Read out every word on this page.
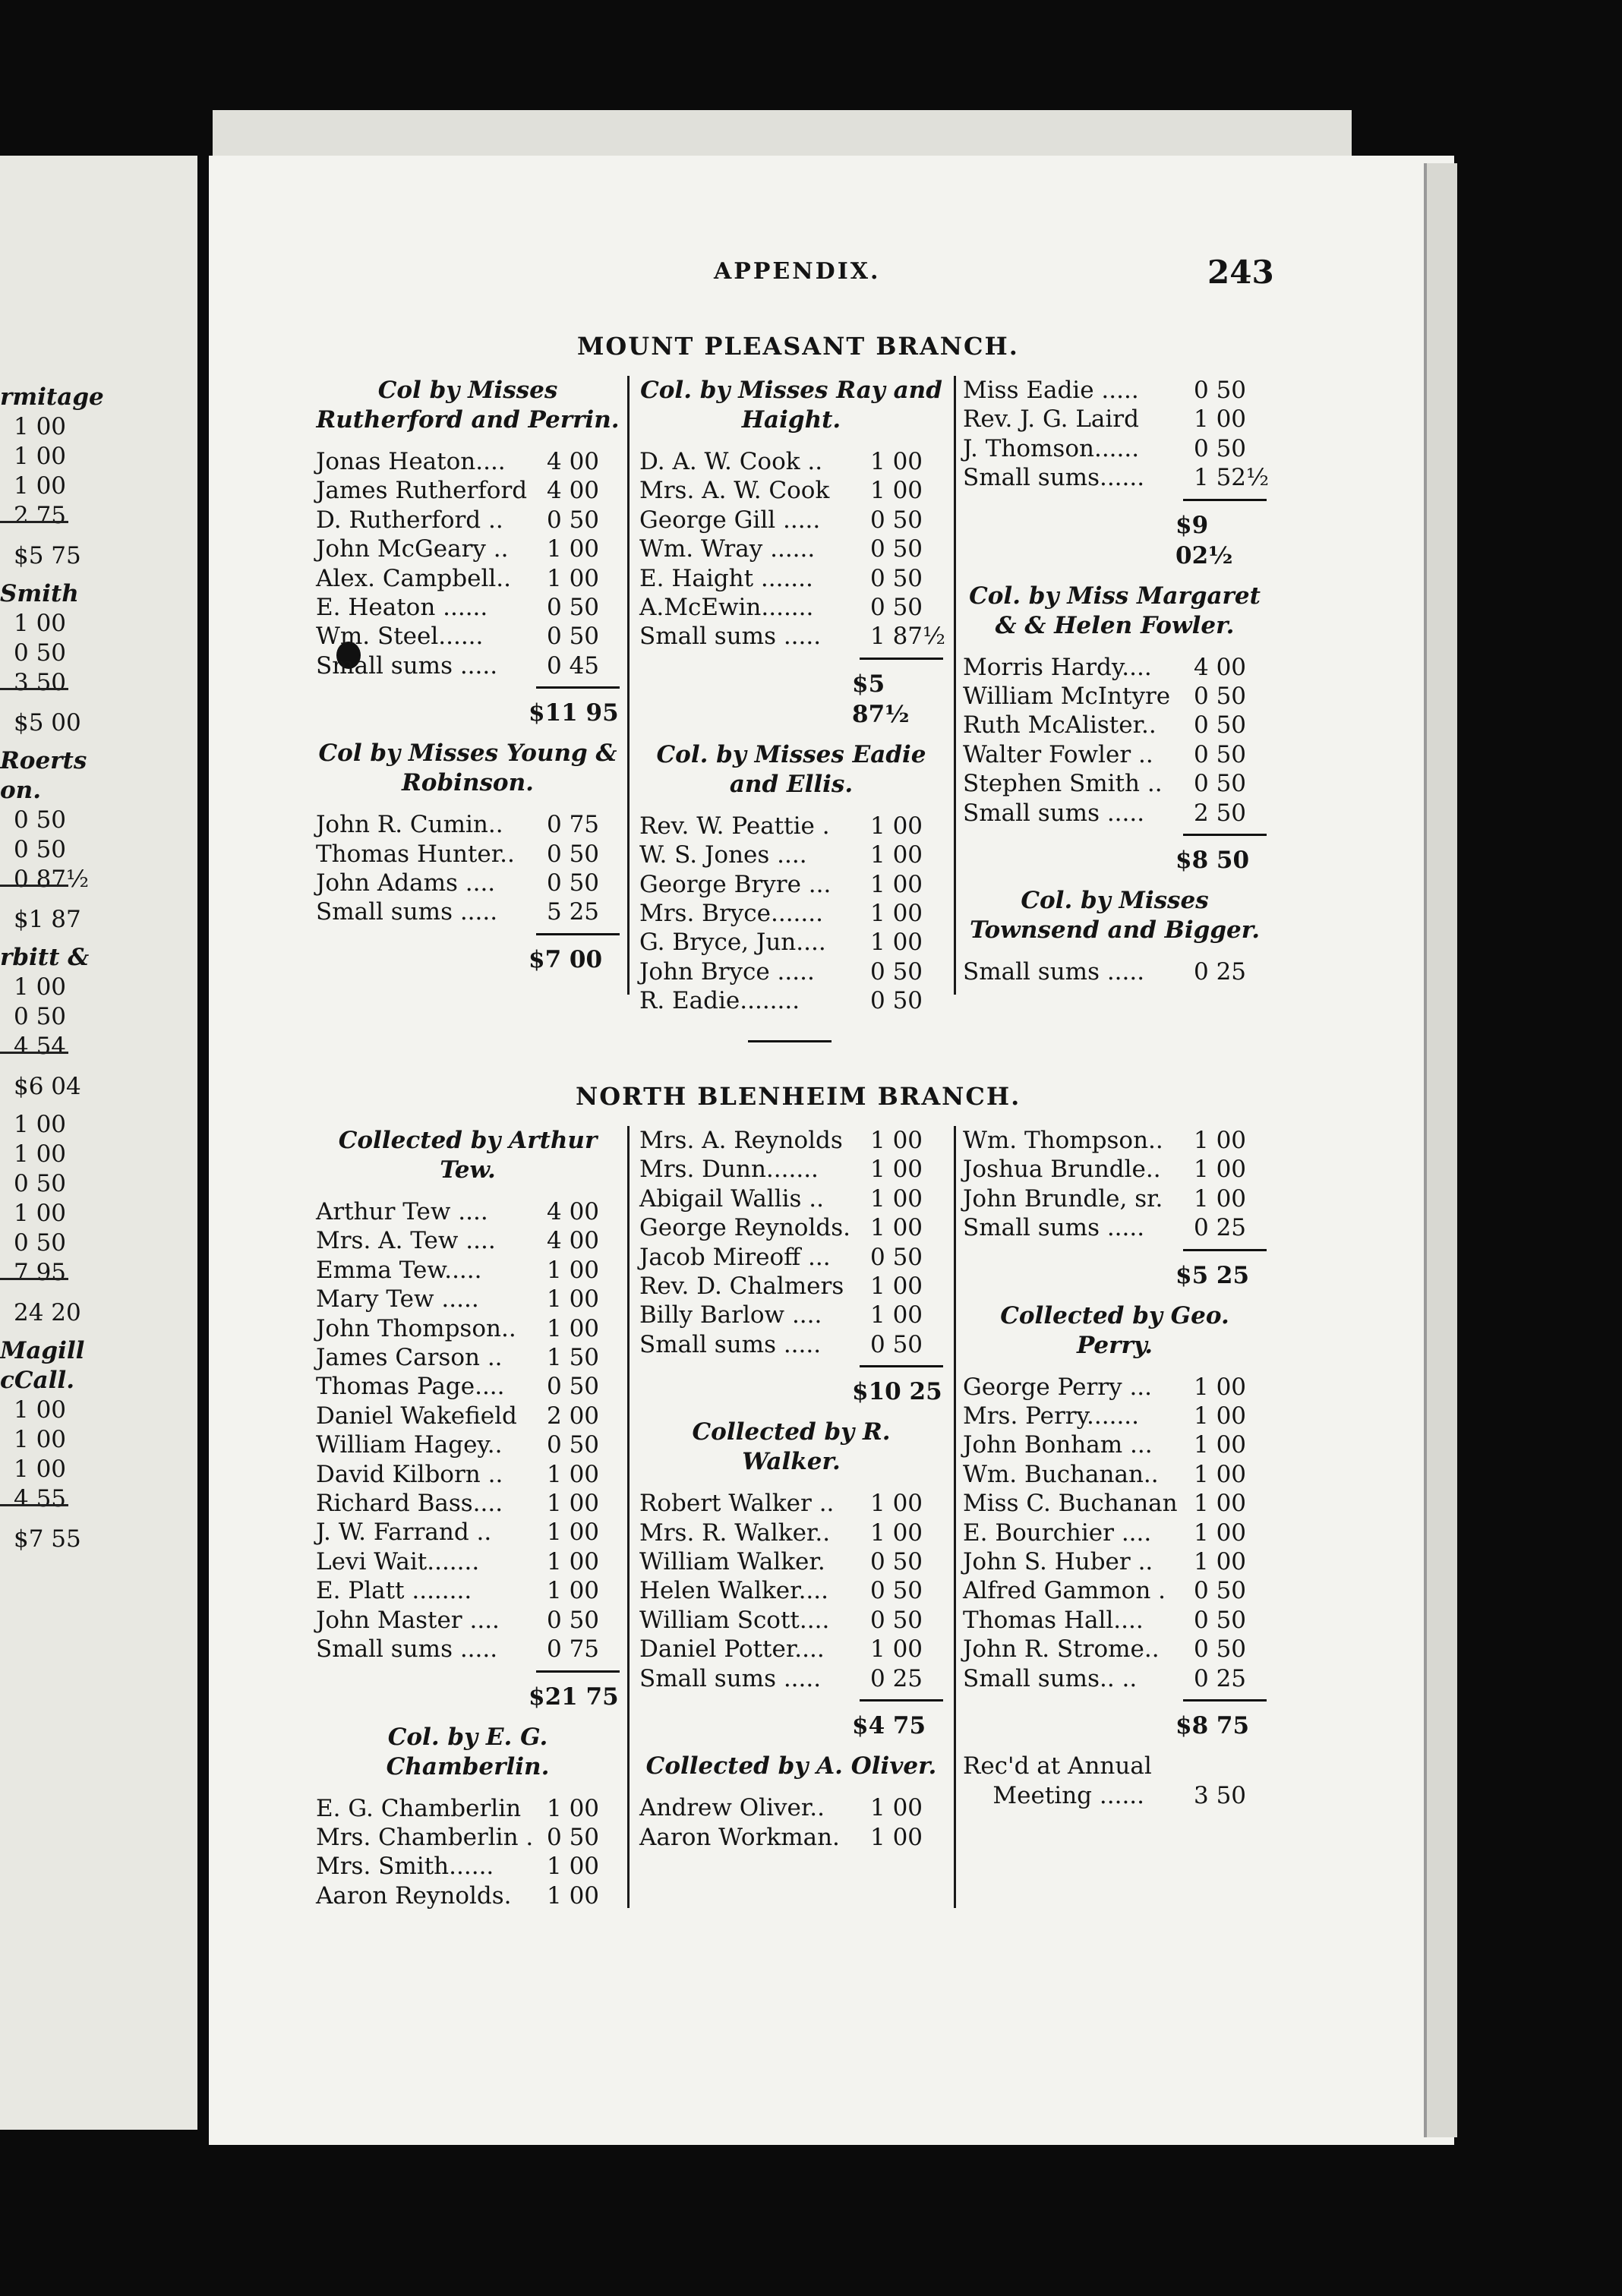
rmitage
1 00
1 00
1 00
2 75
$5 75
Smith
1 00
0 50
3 50
$5 00
Roerts
on.
0 50
0 50
0 87½
$1 87
rbitt &
1 00
0 50
4 54
$6 04
1 00
1 00
0 50
1 00
0 50
7 95
24 20
Magill
cCall.
1 00
1 00
1 00
4 55
$7 55
APPENDIX.	243
MOUNT PLEASANT BRANCH.
Col by Misses Rutherford and Perrin.
Jonas Heaton.... 4 00
James Rutherford 4 00
D. Rutherford .. 0 50
John McGeary .. 1 00
Alex. Campbell.. 1 00
E. Heaton ......	0 50
Wm. Steel......	0 50
Small sums ..... 0 45
$11 95
Col by Misses Young & Robinson.
John R. Cumin.. 0 75
Thomas Hunter.. 0 50
John Adams .... 0 50
Small sums ..... 5 25
$7 00
Col. by Misses Ray and Haight.
D. A. W. Cook .. 1 00
Mrs. A. W. Cook 1 00
George Gill ..... 0 50
Wm. Wray ...... 0 50
E. Haight ....... 0 50
A.McEwin....... 0 50
Small sums ..... 1 87½
$5 87½
Col. by Misses Eadie and Ellis.
Rev. W. Peattie . 1 00
W. S. Jones ....	1 00
George Bryre ... 1 00
Mrs. Bryce....... 1 00
G. Bryce, Jun.... 1 00
John Bryce ..... 0 50
R. Eadie........	0 50
Miss Eadie ..... 0 50
Rev. J. G. Laird 1 00
J. Thomson...... 0 50
Small sums...... 1 52½
$9 02½
Col. by Miss Margaret & & Helen Fowler.
Morris Hardy.... 4 00
William McIntyre 0 50
Ruth McAlister.. 0 50
Walter Fowler .. 0 50
Stephen Smith .. 0 50
Small sums ..... 2 50
$8 50
Col. by Misses Townsend and Bigger.
Small sums ..... 0 25
NORTH BLENHEIM BRANCH.
Collected by Arthur Tew.
Arthur Tew .... 4 00
Mrs. A. Tew .... 4 00
Emma Tew.....	1 00
Mary Tew .....	1 00
John Thompson.. 1 00
James Carson .. 1 50
Thomas Page.... 0 50
Daniel Wakefield 2 00
William Hagey.. 0 50
David Kilborn .. 1 00
Richard Bass.... 1 00
J. W. Farrand .. 1 00
Levi Wait.......	1 00
E. Platt ........	1 00
John Master .... 0 50
Small sums ..... 0 75
$21 75
Col. by E. G. Chamberlin.
E. G. Chamberlin 1 00
Mrs. Chamberlin . 0 50
Mrs. Smith...... 1 00
Aaron Reynolds. 1 00
Mrs. A. Reynolds 1 00
Mrs. Dunn....... 1 00
Abigail Wallis .. 1 00
George Reynolds. 1 00
Jacob Mireoff ... 0 50
Rev. D. Chalmers 1 00
Billy Barlow .... 1 00
Small sums ..... 0 50
$10 25
Collected by R. Walker.
Robert Walker .. 1 00
Mrs. R. Walker.. 1 00
William Walker. 0 50
Helen Walker.... 0 50
William Scott.... 0 50
Daniel Potter.... 1 00
Small sums ..... 0 25
$4 75
Collected by A. Oliver.
Andrew Oliver.. 1 00
Aaron Workman. 1 00
Wm. Thompson.. 1 00
Joshua Brundle.. 1 00
John Brundle, sr. 1 00
Small sums ..... 0 25
$5 25
Collected by Geo. Perry.
George Perry ... 1 00
Mrs. Perry....... 1 00
John Bonham ... 1 00
Wm. Buchanan.. 1 00
Miss C. Buchanan 1 00
E. Bourchier .... 1 00
John S. Huber .. 1 00
Alfred Gammon . 0 50
Thomas Hall.... 0 50
John R. Strome.. 0 50
Small sums.. .. 0 25
$8 75
Rec'd at Annual
Meeting ...... 3 50
